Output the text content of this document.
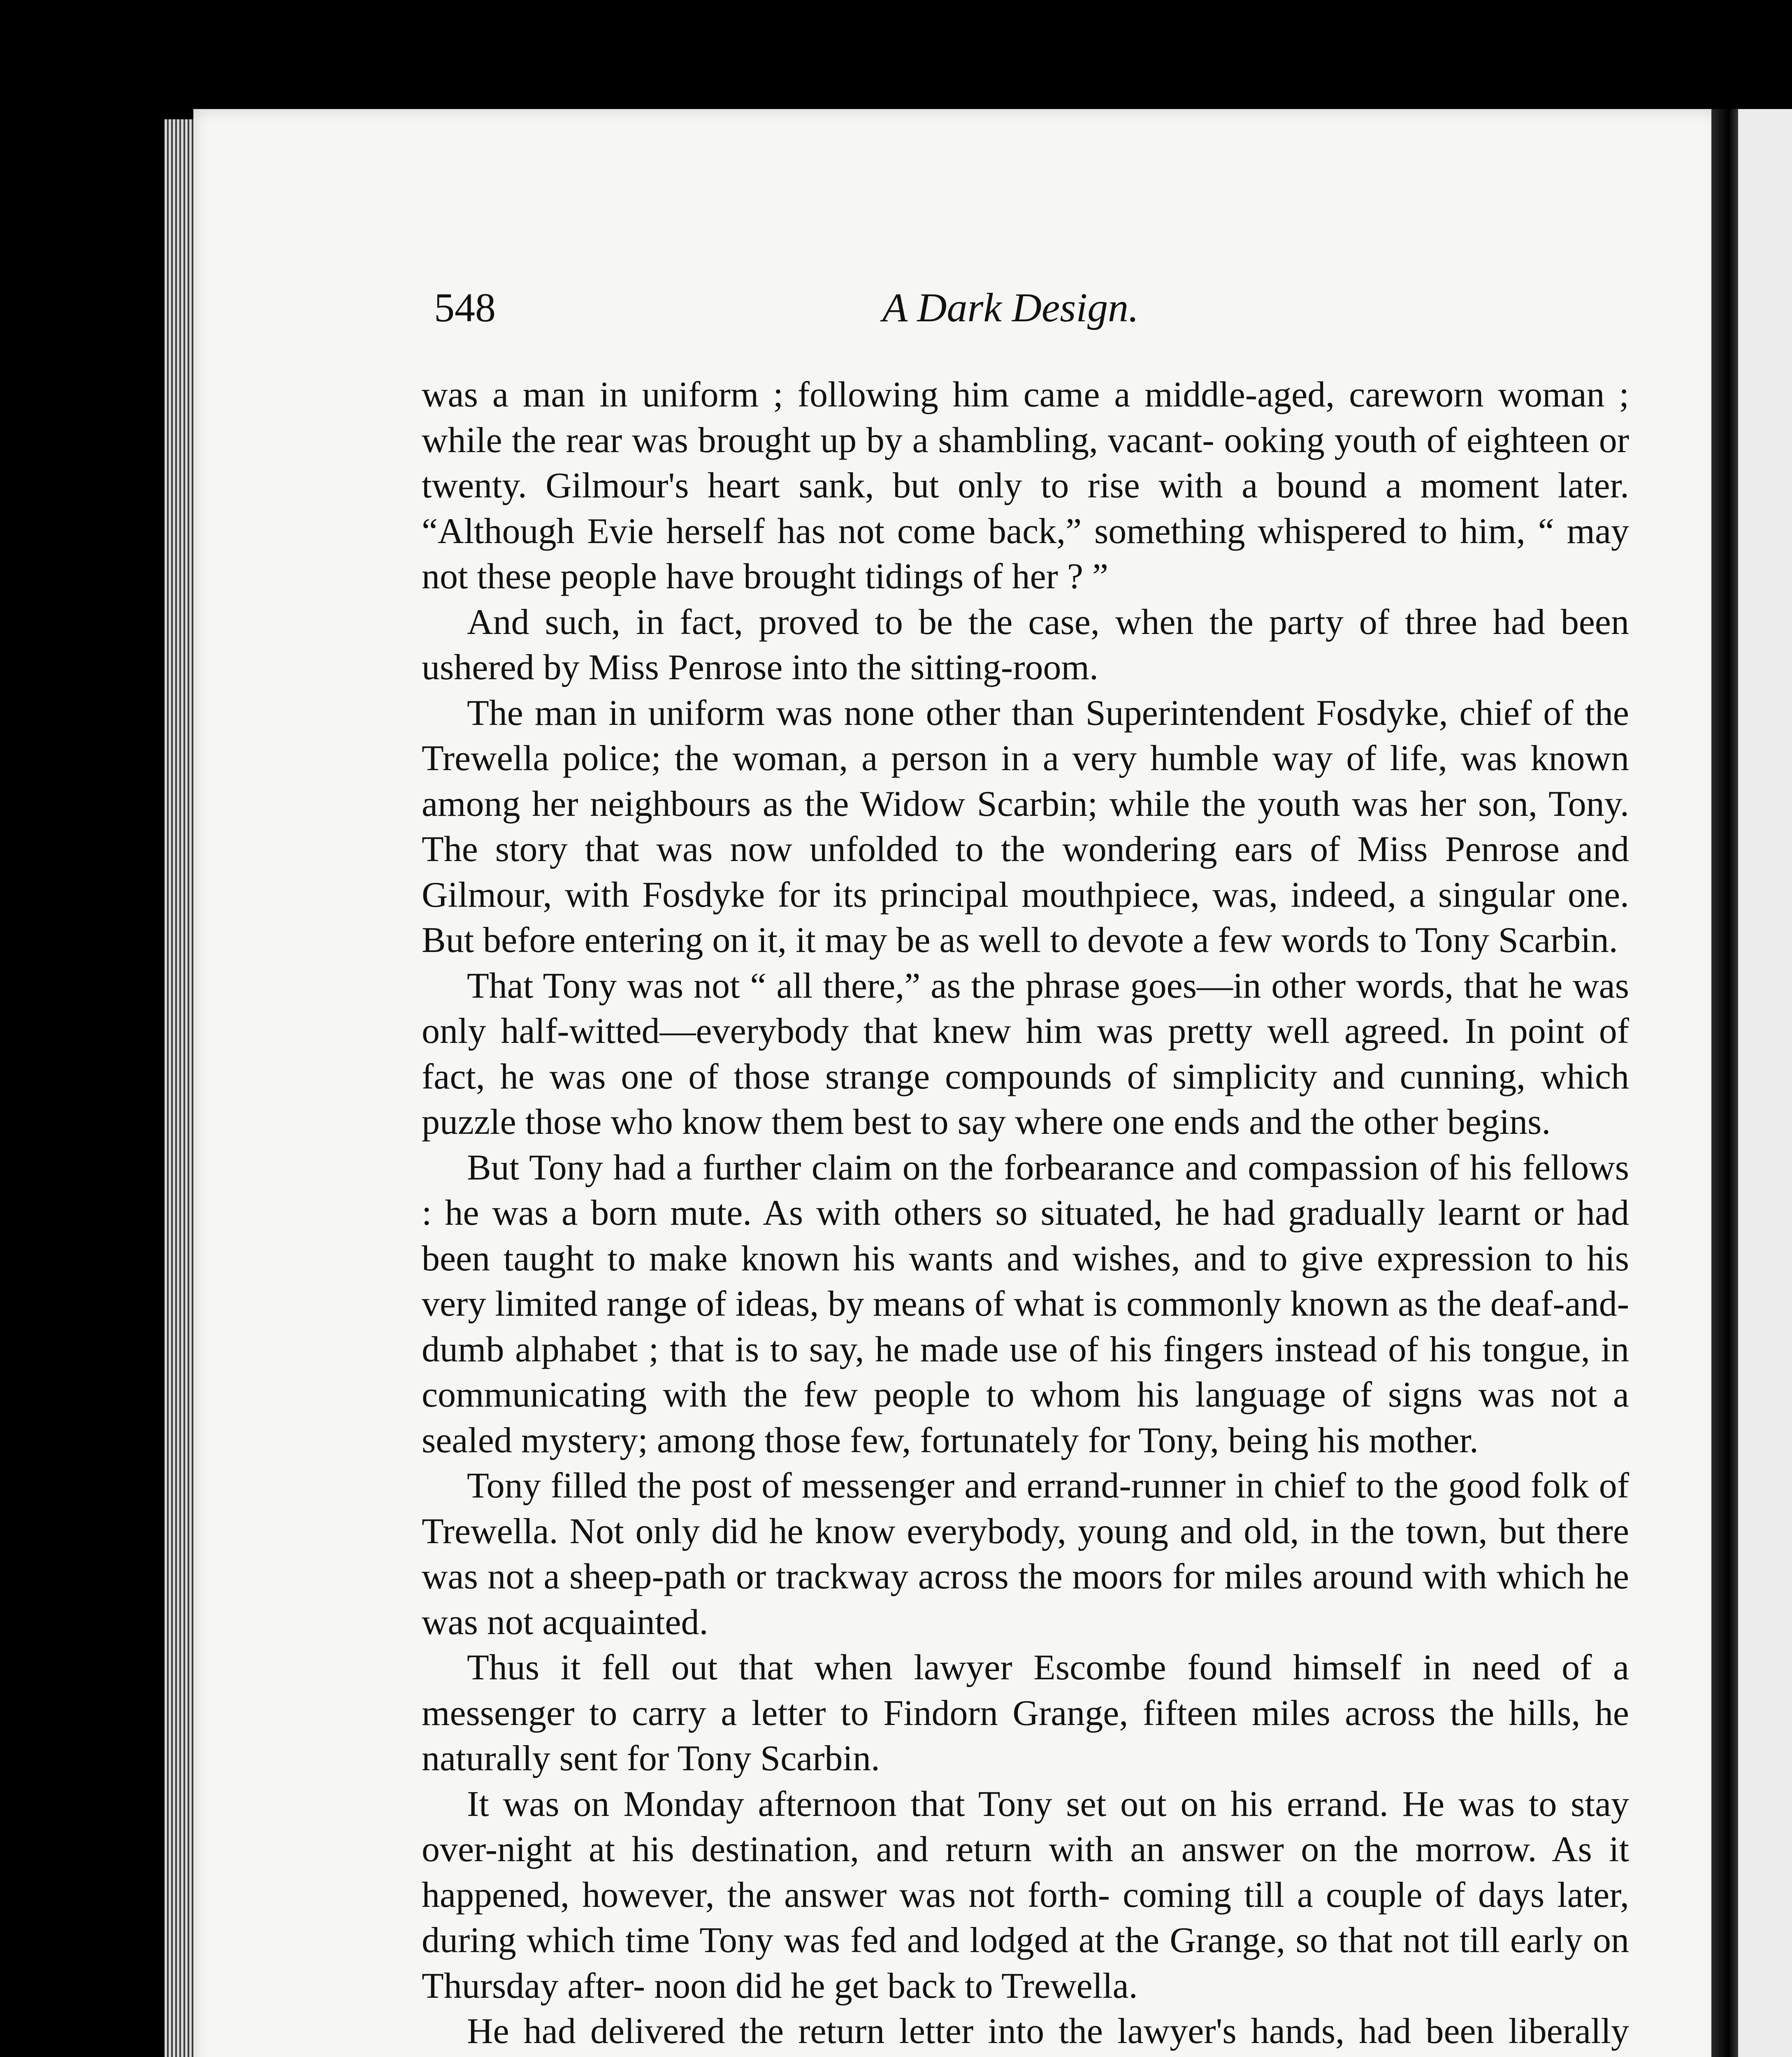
548	A Dark Design.

was a man in uniform ; following him came a middle-aged, careworn woman ; while the rear was brought up by a shambling, vacant- ooking youth of eighteen or twenty. Gilmour's heart sank, but only to rise with a bound a moment later. “Although Evie herself has not come back,” something whispered to him, “ may not these people have brought tidings of her ? ”

And such, in fact, proved to be the case, when the party of three had been ushered by Miss Penrose into the sitting-room.

The man in uniform was none other than Superintendent Fosdyke, chief of the Trewella police; the woman, a person in a very humble way of life, was known among her neighbours as the Widow Scarbin; while the youth was her son, Tony. The story that was now unfolded to the wondering ears of Miss Penrose and Gilmour, with Fosdyke for its principal mouthpiece, was, indeed, a singular one. But before entering on it, it may be as well to devote a few words to Tony Scarbin.

That Tony was not “ all there,” as the phrase goes—in other words, that he was only half-witted—everybody that knew him was pretty well agreed. In point of fact, he was one of those strange compounds of simplicity and cunning, which puzzle those who know them best to say where one ends and the other begins.

But Tony had a further claim on the forbearance and compassion of his fellows : he was a born mute. As with others so situated, he had gradually learnt or had been taught to make known his wants and wishes, and to give expression to his very limited range of ideas, by means of what is commonly known as the deaf-and-dumb alphabet ; that is to say, he made use of his fingers instead of his tongue, in communicating with the few people to whom his language of signs was not a sealed mystery; among those few, fortunately for Tony, being his mother.

Tony filled the post of messenger and errand-runner in chief to the good folk of Trewella. Not only did he know everybody, young and old, in the town, but there was not a sheep-path or trackway across the moors for miles around with which he was not acquainted.

Thus it fell out that when lawyer Escombe found himself in need of a messenger to carry a letter to Findorn Grange, fifteen miles across the hills, he naturally sent for Tony Scarbin.

It was on Monday afternoon that Tony set out on his errand. He was to stay over-night at his destination, and return with an answer on the morrow. As it happened, however, the answer was not forth- coming till a couple of days later, during which time Tony was fed and lodged at the Grange, so that not till early on Thursday after- noon did he get back to Trewella.

He had delivered the return letter into the lawyer's hands, had been liberally
